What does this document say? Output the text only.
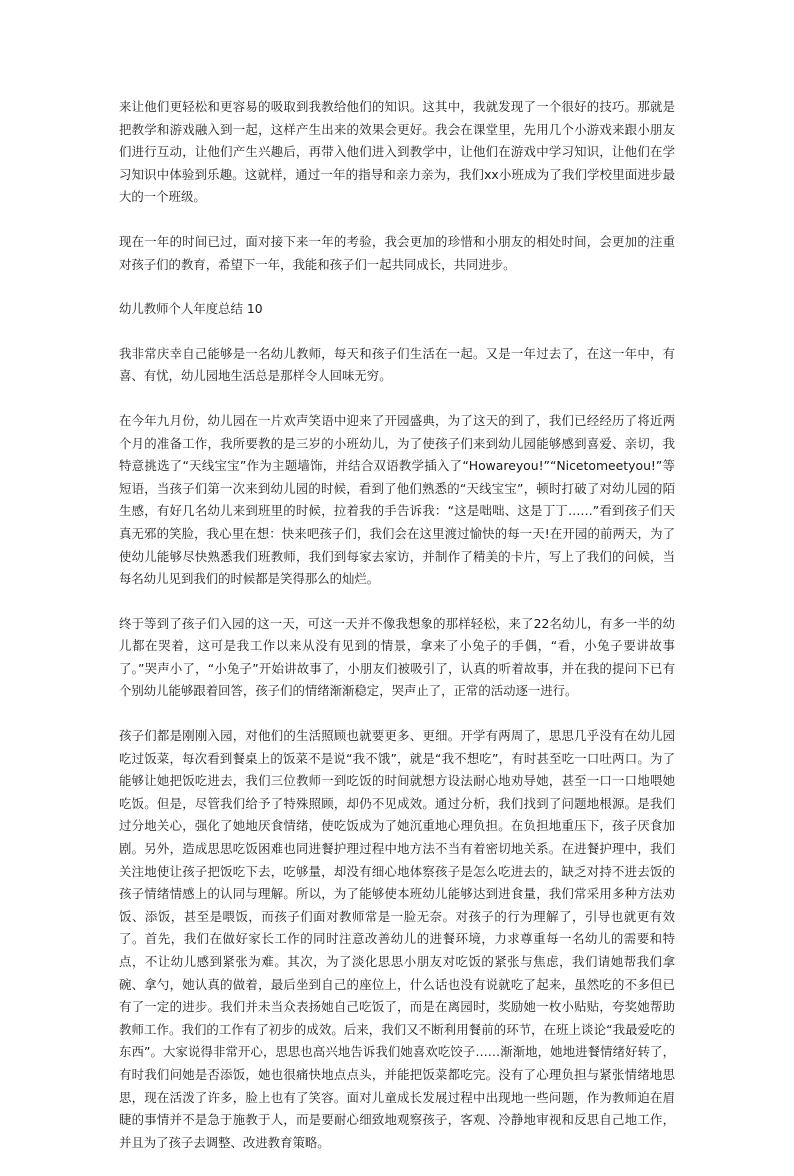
来让他们更轻松和更容易的吸取到我教给他们的知识。这其中，我就发现了一个很好的技巧。那就是把教学和游戏融入到一起，这样产生出来的效果会更好。我会在课堂里，先用几个小游戏来跟小朋友们进行互动，让他们产生兴趣后，再带入他们进入到教学中，让他们在游戏中学习知识，让他们在学习知识中体验到乐趣。这就样，通过一年的指导和亲力亲为，我们xx小班成为了我们学校里面进步最大的一个班级。

现在一年的时间已过，面对接下来一年的考验，我会更加的珍惜和小朋友的相处时间，会更加的注重对孩子们的教育，希望下一年，我能和孩子们一起共同成长，共同进步。

幼儿教师个人年度总结 10

我非常庆幸自己能够是一名幼儿教师，每天和孩子们生活在一起。又是一年过去了，在这一年中，有喜、有忧，幼儿园地生活总是那样令人回味无穷。

在今年九月份，幼儿园在一片欢声笑语中迎来了开园盛典，为了这天的到了，我们已经经历了将近两个月的准备工作，我所要教的是三岁的小班幼儿，为了使孩子们来到幼儿园能够感到喜爱、亲切，我特意挑选了“天线宝宝”作为主题墙饰，并结合双语教学插入了“Howareyou!”“Nicetomeetyou!”等短语，当孩子们第一次来到幼儿园的时候，看到了他们熟悉的“天线宝宝”，顿时打破了对幼儿园的陌生感，有好几名幼儿来到班里的时候，拉着我的手告诉我：“这是咄咄、这是丁丁……”看到孩子们天真无邪的笑脸，我心里在想：快来吧孩子们，我们会在这里渡过愉快的每一天!在开园的前两天，为了使幼儿能够尽快熟悉我们班教师，我们到每家去家访，并制作了精美的卡片，写上了我们的问候，当每名幼儿见到我们的时候都是笑得那么的灿烂。

终于等到了孩子们入园的这一天，可这一天并不像我想象的那样轻松，来了22名幼儿，有多一半的幼儿都在哭着，这可是我工作以来从没有见到的情景，拿来了小兔子的手偶，“看，小兔子要讲故事了。”哭声小了，“小兔子”开始讲故事了，小朋友们被吸引了，认真的听着故事，并在我的提问下已有个别幼儿能够跟着回答，孩子们的情绪渐渐稳定，哭声止了，正常的活动逐一进行。

孩子们都是刚刚入园，对他们的生活照顾也就要更多、更细。开学有两周了，思思几乎没有在幼儿园吃过饭菜，每次看到餐桌上的饭菜不是说“我不饿”，就是“我不想吃”，有时甚至吃一口吐两口。为了能够让她把饭吃进去，我们三位教师一到吃饭的时间就想方设法耐心地劝导她，甚至一口一口地喂她吃饭。但是，尽管我们给予了特殊照顾，却仍不见成效。通过分析，我们找到了问题地根源。是我们过分地关心，强化了她地厌食情绪，使吃饭成为了她沉重地心理负担。在负担地重压下，孩子厌食加剧。另外，造成思思吃饭困难也同进餐护理过程中地方法不当有着密切地关系。在进餐护理中，我们关注地使让孩子把饭吃下去，吃够量，却没有细心地体察孩子是怎么吃进去的，缺乏对持不进去饭的孩子情绪情感上的认同与理解。所以，为了能够使本班幼儿能够达到进食量，我们常采用多种方法劝饭、添饭，甚至是喂饭，而孩子们面对教师常是一脸无奈。对孩子的行为理解了，引导也就更有效了。首先，我们在做好家长工作的同时注意改善幼儿的进餐环境，力求尊重每一名幼儿的需要和特点，不让幼儿感到紧张为难。其次，为了淡化思思小朋友对吃饭的紧张与焦虑，我们请她帮我们拿碗、拿勺，她认真的做着，最后坐到自己的座位上，什么话也没有说就吃了起来，虽然吃的不多但已有了一定的进步。我们并未当众表扬她自己吃饭了，而是在离园时，奖励她一枚小贴贴，夸奖她帮助教师工作。我们的工作有了初步的成效。后来，我们又不断利用餐前的环节，在班上谈论“我最爱吃的东西”。大家说得非常开心，思思也高兴地告诉我们她喜欢吃饺子……渐渐地，她地进餐情绪好转了，有时我们问她是否添饭，她也很痛快地点点头，并能把饭菜都吃完。没有了心理负担与紧张情绪地思思，现在活泼了许多，脸上也有了笑容。面对儿童成长发展过程中出现地一些问题，作为教师迫在眉睫的事情并不是急于施教于人，而是要耐心细致地观察孩子，客观、冷静地审视和反思自己地工作，并且为了孩子去调整、改进教育策略。
